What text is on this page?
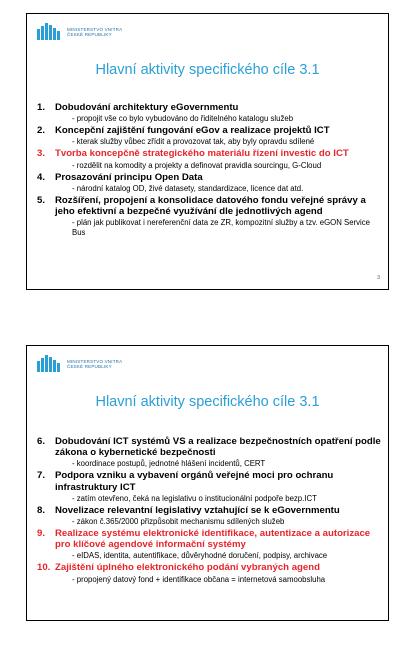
MINISTERSTVO VNITRA
ČESKÉ REPUBLIKY
Hlavní aktivity specifického cíle 3.1
1. Dobudování architektury eGovernmentu
- propojit vše co bylo vybudováno do řiditelného katalogu služeb
2. Koncepční zajištění fungování eGov a realizace projektů ICT
- kterak služby vůbec zřídit a provozovat tak, aby byly opravdu sdílené
3. Tvorba koncepčně strategického materiálu řízení investic do ICT
- rozdělit na komodity a projekty a definovat pravidla sourcingu, G-Cloud
4. Prosazování principu Open Data
- národní katalog OD, živé datasety, standardizace, licence dat atd.
5. Rozšíření, propojení a konsolidace datového fondu veřejné správy a jeho efektivní a bezpečné využívání dle jednotlivých agend
- plán jak publikovat i nereferenční data ze ZR, kompozitní služby a tzv. eGON Service Bus
3
MINISTERSTVO VNITRA
ČESKÉ REPUBLIKY
Hlavní aktivity specifického cíle 3.1
6. Dobudování ICT systémů VS a realizace bezpečnostních opatření podle zákona o kybernetické bezpečnosti
- koordinace postupů, jednotné hlášení incidentů, CERT
7. Podpora vzniku a vybavení orgánů veřejné moci pro ochranu infrastruktury ICT
- zatím otevřeno, čeká na legislativu o institucionální podpoře bezp.ICT
8. Novelizace relevantní legislativy vztahující se k eGovernmentu
- zákon č.365/2000 přizpůsobit mechanismu sdílených služeb
9. Realizace systému elektronické identifikace, autentizace a autorizace pro klíčové agendové informační systémy
- eIDAS, identita, autentifikace, důvěryhodné doručení, podpisy, archivace
10. Zajištění úplného elektronického podání vybraných agend
- propojený datový fond + identifikace občana = internetová samoobsluha
